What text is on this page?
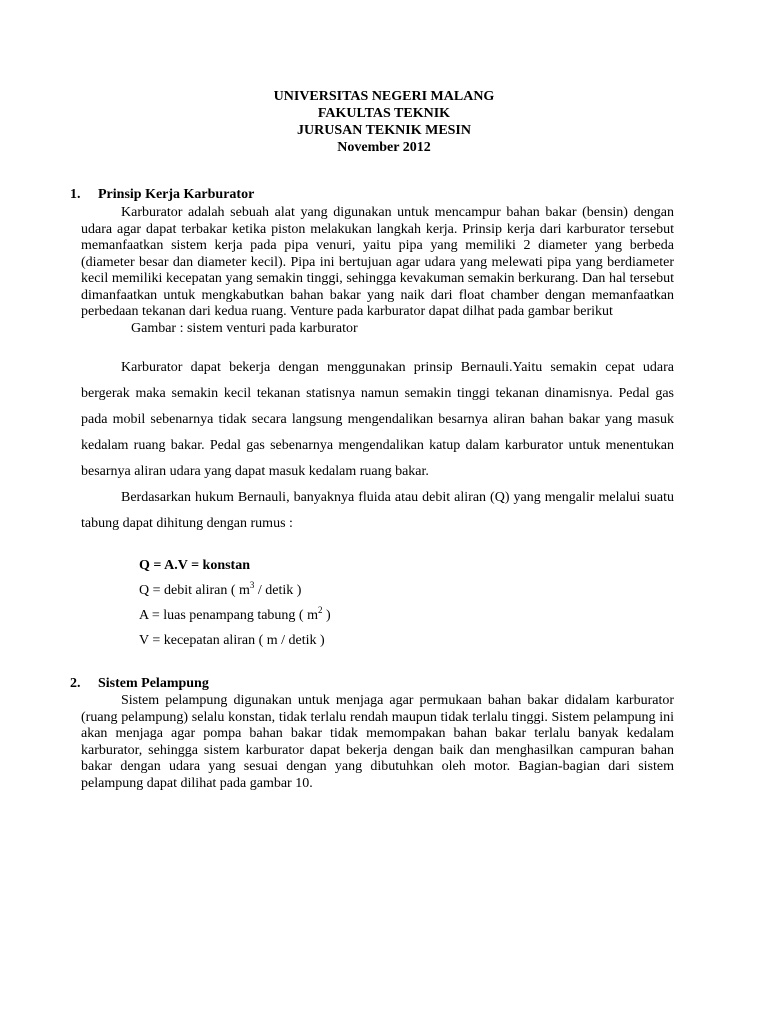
UNIVERSITAS NEGERI MALANG
FAKULTAS TEKNIK
JURUSAN TEKNIK MESIN
November 2012
1. Prinsip Kerja Karburator

Karburator adalah sebuah alat yang digunakan untuk mencampur bahan bakar (bensin) dengan udara agar dapat terbakar ketika piston melakukan langkah kerja. Prinsip kerja dari karburator tersebut memanfaatkan sistem kerja pada pipa venuri, yaitu pipa yang memiliki 2 diameter yang berbeda (diameter besar dan diameter kecil). Pipa ini bertujuan agar udara yang melewati pipa yang berdiameter kecil memiliki kecepatan yang semakin tinggi, sehingga kevakuman semakin berkurang. Dan hal tersebut dimanfaatkan untuk mengkabutkan bahan bakar yang naik dari float chamber dengan memanfaatkan perbedaan tekanan dari kedua ruang. Venture pada karburator dapat dilhat pada gambar berikut

Gambar : sistem venturi pada karburator

Karburator dapat bekerja dengan menggunakan prinsip Bernauli.Yaitu semakin cepat udara bergerak maka semakin kecil tekanan statisnya namun semakin tinggi tekanan dinamisnya. Pedal gas pada mobil sebenarnya tidak secara langsung mengendalikan besarnya aliran bahan bakar yang masuk kedalam ruang bakar. Pedal gas sebenarnya mengendalikan katup dalam karburator untuk menentukan besarnya aliran udara yang dapat masuk kedalam ruang bakar.

Berdasarkan hukum Bernauli, banyaknya fluida atau debit aliran (Q) yang mengalir melalui suatu tabung dapat dihitung dengan rumus :

Q = A.V = konstan
Q = debit aliran ( $m^3$ / detik )
A = luas penampang tabung ( $m^2$ )
V = kecepatan aliran ( m / detik )
2. Sistem Pelampung

Sistem pelampung digunakan untuk menjaga agar permukaan bahan bakar didalam karburator (ruang pelampung) selalu konstan, tidak terlalu rendah maupun tidak terlalu tinggi. Sistem pelampung ini akan menjaga agar pompa bahan bakar tidak memompakan bahan bakar terlalu banyak kedalam karburator, sehingga sistem karburator dapat bekerja dengan baik dan menghasilkan campuran bahan bakar dengan udara yang sesuai dengan yang dibutuhkan oleh motor. Bagian-bagian dari sistem pelampung dapat dilihat pada gambar 10.
